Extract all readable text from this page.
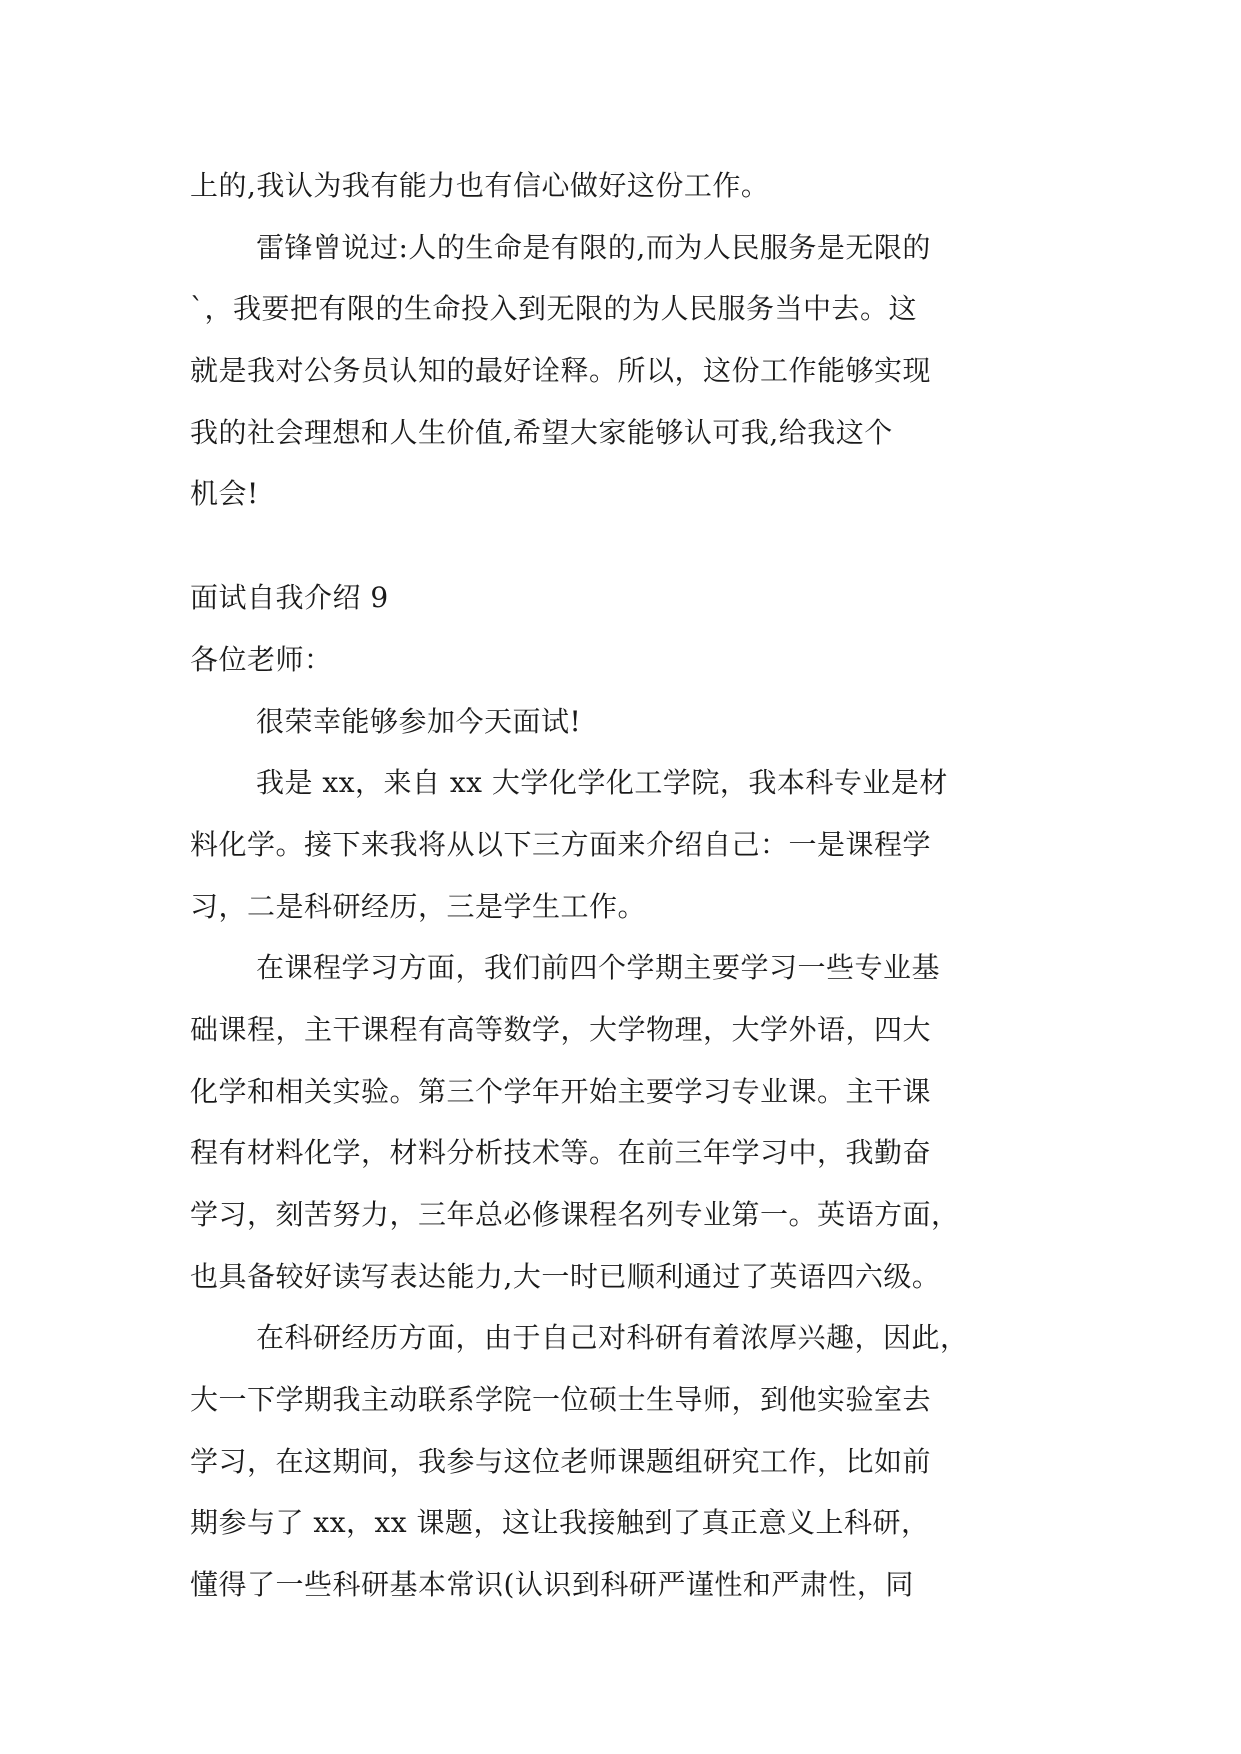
上的,我认为我有能力也有信心做好这份工作。
雷锋曾说过:人的生命是有限的,而为人民服务是无限的
`，我要把有限的生命投入到无限的为人民服务当中去。这
就是我对公务员认知的最好诠释。所以，这份工作能够实现
我的社会理想和人生价值,希望大家能够认可我,给我这个
机会!
面试自我介绍 9
各位老师：
很荣幸能够参加今天面试!
我是 xx，来自 xx 大学化学化工学院，我本科专业是材
料化学。接下来我将从以下三方面来介绍自己：一是课程学
习，二是科研经历，三是学生工作。
在课程学习方面，我们前四个学期主要学习一些专业基
础课程，主干课程有高等数学，大学物理，大学外语，四大
化学和相关实验。第三个学年开始主要学习专业课。主干课
程有材料化学，材料分析技术等。在前三年学习中，我勤奋
学习，刻苦努力，三年总必修课程名列专业第一。英语方面，
也具备较好读写表达能力,大一时已顺利通过了英语四六级。
在科研经历方面，由于自己对科研有着浓厚兴趣，因此，
大一下学期我主动联系学院一位硕士生导师，到他实验室去
学习，在这期间，我参与这位老师课题组研究工作，比如前
期参与了 xx，xx 课题，这让我接触到了真正意义上科研，
懂得了一些科研基本常识(认识到科研严谨性和严肃性，同
